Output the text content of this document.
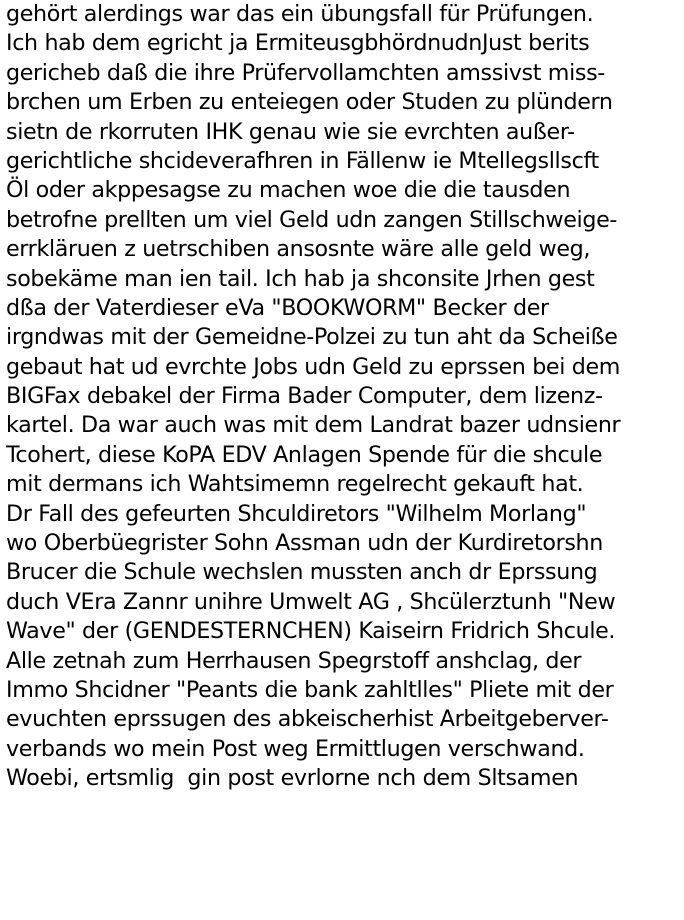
gehört alerdings war das ein übungsfall für Prüfungen.
Ich hab dem egricht ja ErmiteusgbhördnudnJust berits
gericheb daß die ihre Prüfervollamchten amssivst miss-
brchen um Erben zu enteiegen oder Studen zu plündern
sietn de rkorruten IHK genau wie sie evrchten außer-
gerichtliche shcideverafhren in Fällenw ie Mtellegsllscft
Öl oder akppesagse zu machen woe die die tausden
betrofne prellten um viel Geld udn zangen Stillschweige-
errkläruen z uetrschiben ansosnte wäre alle geld weg,
sobekäme man ien tail. Ich hab ja shconsite Jrhen gest
dßa der Vaterdieser eVa "BOOKWORM" Becker der
irgndwas mit der Gemeidne-Polzei zu tun aht da Scheiße
gebaut hat ud evrchte Jobs udn Geld zu eprssen bei dem
BIGFax debakel der Firma Bader Computer, dem lizenz-
kartel. Da war auch was mit dem Landrat bazer udnsienr
Tcohert, diese KoPA EDV Anlagen Spende für die shcule
mit dermans ich Wahtsimemn regelrecht gekauft hat.
Dr Fall des gefeurten Shculdiretors "Wilhelm Morlang"
wo Oberbüegrister Sohn Assman udn der Kurdiretorshn
Brucer die Schule wechslen mussten anch dr Eprssung
duch VEra Zannr unihre Umwelt AG , Shcülerztunh "New
Wave" der (GENDESTERNCHEN) Kaiseirn Fridrich Shcule.
Alle zetnah zum Herrhausen Spegrstoff anshclag, der
Immo Shcidner "Peants die bank zahltlles" Pliete mit der
evuchten eprssugen des abkeischerhist Arbeitgeberver-
verbands wo mein Post weg Ermittlugen verschwand.
Woebi, ertsmlig  gin post evrlorne nch dem Sltsamen
